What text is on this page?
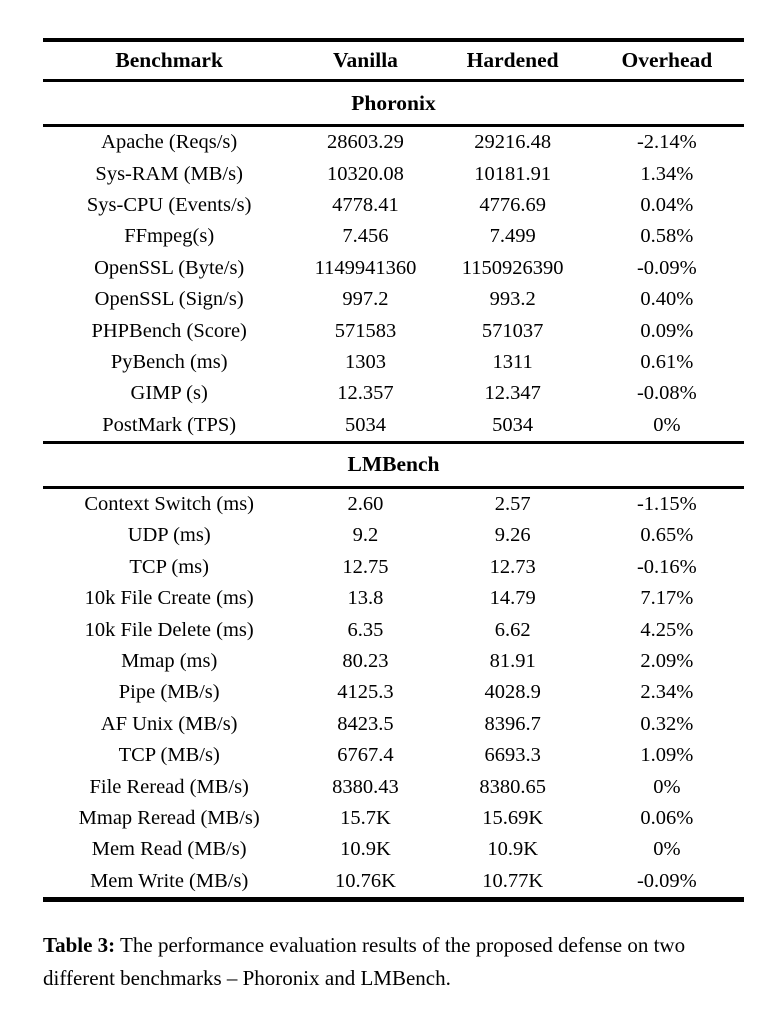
Benchmark	Vanilla	Hardened	Overhead
Phoronix			
Apache (Reqs/s)	28603.29	29216.48	-2.14%
Sys-RAM (MB/s)	10320.08	10181.91	1.34%
Sys-CPU (Events/s)	4778.41	4776.69	0.04%
FFmpeg(s)	7.456	7.499	0.58%
OpenSSL (Byte/s)	1149941360	1150926390	-0.09%
OpenSSL (Sign/s)	997.2	993.2	0.40%
PHPBench (Score)	571583	571037	0.09%
PyBench (ms)	1303	1311	0.61%
GIMP (s)	12.357	12.347	-0.08%
PostMark (TPS)	5034	5034	0%
LMBench			
Context Switch (ms)	2.60	2.57	-1.15%
UDP (ms)	9.2	9.26	0.65%
TCP (ms)	12.75	12.73	-0.16%
10k File Create (ms)	13.8	14.79	7.17%
10k File Delete (ms)	6.35	6.62	4.25%
Mmap (ms)	80.23	81.91	2.09%
Pipe (MB/s)	4125.3	4028.9	2.34%
AF Unix (MB/s)	8423.5	8396.7	0.32%
TCP (MB/s)	6767.4	6693.3	1.09%
File Reread (MB/s)	8380.43	8380.65	0%
Mmap Reread (MB/s)	15.7K	15.69K	0.06%
Mem Read (MB/s)	10.9K	10.9K	0%
Mem Write (MB/s)	10.76K	10.77K	-0.09%

Table 3: The performance evaluation results of the proposed defense on two different benchmarks – Phoronix and LMBench.
